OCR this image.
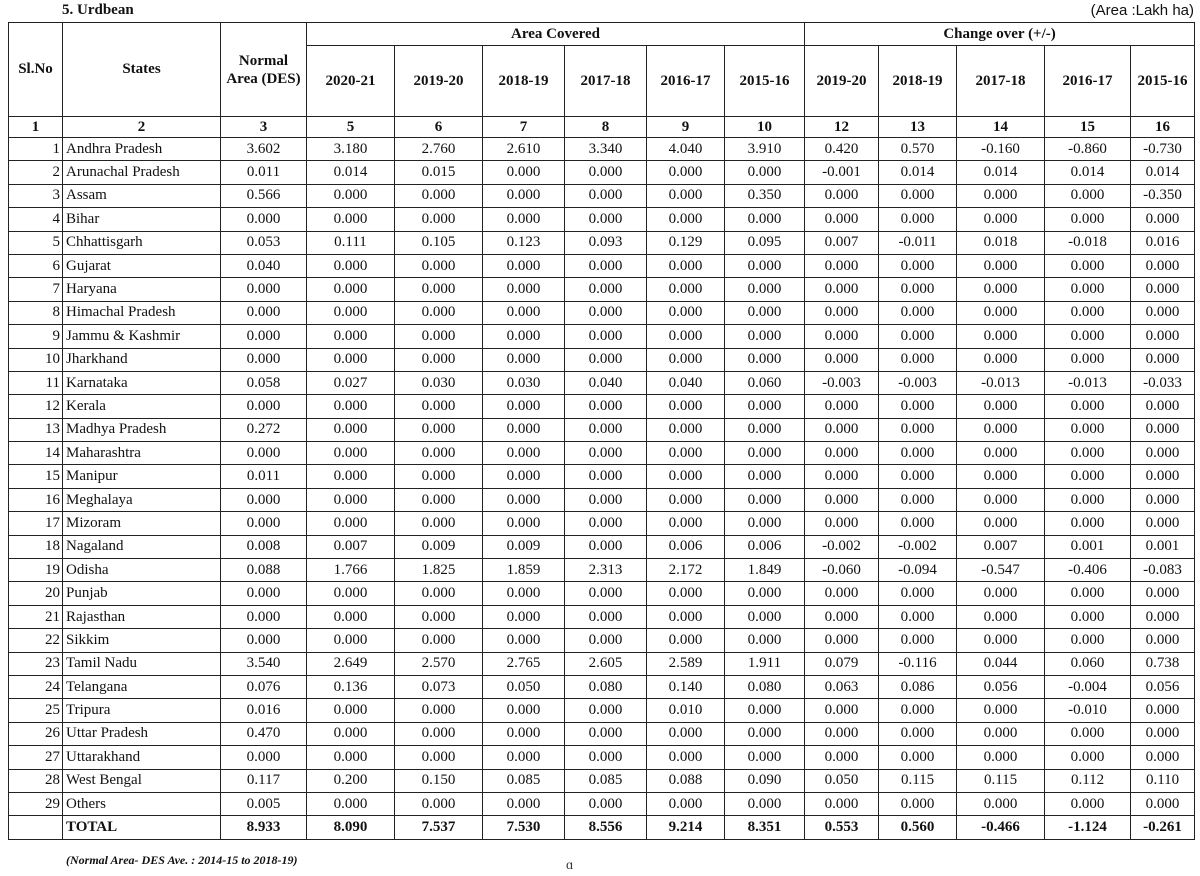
5. Urdbean	(Area :Lakh ha)
Sl.No	States	Normal Area (DES)	Area Covered						Change over (+/-)				
			2020-21	2019-20	2018-19	2017-18	2016-17	2015-16	2019-20	2018-19	2017-18	2016-17	2015-16
1	2	3	5	6	7	8	9	10	12	13	14	15	16
1	Andhra Pradesh	3.602	3.180	2.760	2.610	3.340	4.040	3.910	0.420	0.570	-0.160	-0.860	-0.730
2	Arunachal Pradesh	0.011	0.014	0.015	0.000	0.000	0.000	0.000	-0.001	0.014	0.014	0.014	0.014
3	Assam	0.566	0.000	0.000	0.000	0.000	0.000	0.350	0.000	0.000	0.000	0.000	-0.350
4	Bihar	0.000	0.000	0.000	0.000	0.000	0.000	0.000	0.000	0.000	0.000	0.000	0.000
5	Chhattisgarh	0.053	0.111	0.105	0.123	0.093	0.129	0.095	0.007	-0.011	0.018	-0.018	0.016
6	Gujarat	0.040	0.000	0.000	0.000	0.000	0.000	0.000	0.000	0.000	0.000	0.000	0.000
7	Haryana	0.000	0.000	0.000	0.000	0.000	0.000	0.000	0.000	0.000	0.000	0.000	0.000
8	Himachal Pradesh	0.000	0.000	0.000	0.000	0.000	0.000	0.000	0.000	0.000	0.000	0.000	0.000
9	Jammu & Kashmir	0.000	0.000	0.000	0.000	0.000	0.000	0.000	0.000	0.000	0.000	0.000	0.000
10	Jharkhand	0.000	0.000	0.000	0.000	0.000	0.000	0.000	0.000	0.000	0.000	0.000	0.000
11	Karnataka	0.058	0.027	0.030	0.030	0.040	0.040	0.060	-0.003	-0.003	-0.013	-0.013	-0.033
12	Kerala	0.000	0.000	0.000	0.000	0.000	0.000	0.000	0.000	0.000	0.000	0.000	0.000
13	Madhya Pradesh	0.272	0.000	0.000	0.000	0.000	0.000	0.000	0.000	0.000	0.000	0.000	0.000
14	Maharashtra	0.000	0.000	0.000	0.000	0.000	0.000	0.000	0.000	0.000	0.000	0.000	0.000
15	Manipur	0.011	0.000	0.000	0.000	0.000	0.000	0.000	0.000	0.000	0.000	0.000	0.000
16	Meghalaya	0.000	0.000	0.000	0.000	0.000	0.000	0.000	0.000	0.000	0.000	0.000	0.000
17	Mizoram	0.000	0.000	0.000	0.000	0.000	0.000	0.000	0.000	0.000	0.000	0.000	0.000
18	Nagaland	0.008	0.007	0.009	0.009	0.000	0.006	0.006	-0.002	-0.002	0.007	0.001	0.001
19	Odisha	0.088	1.766	1.825	1.859	2.313	2.172	1.849	-0.060	-0.094	-0.547	-0.406	-0.083
20	Punjab	0.000	0.000	0.000	0.000	0.000	0.000	0.000	0.000	0.000	0.000	0.000	0.000
21	Rajasthan	0.000	0.000	0.000	0.000	0.000	0.000	0.000	0.000	0.000	0.000	0.000	0.000
22	Sikkim	0.000	0.000	0.000	0.000	0.000	0.000	0.000	0.000	0.000	0.000	0.000	0.000
23	Tamil Nadu	3.540	2.649	2.570	2.765	2.605	2.589	1.911	0.079	-0.116	0.044	0.060	0.738
24	Telangana	0.076	0.136	0.073	0.050	0.080	0.140	0.080	0.063	0.086	0.056	-0.004	0.056
25	Tripura	0.016	0.000	0.000	0.000	0.000	0.010	0.000	0.000	0.000	0.000	-0.010	0.000
26	Uttar Pradesh	0.470	0.000	0.000	0.000	0.000	0.000	0.000	0.000	0.000	0.000	0.000	0.000
27	Uttarakhand	0.000	0.000	0.000	0.000	0.000	0.000	0.000	0.000	0.000	0.000	0.000	0.000
28	West Bengal	0.117	0.200	0.150	0.085	0.085	0.088	0.090	0.050	0.115	0.115	0.112	0.110
29	Others	0.005	0.000	0.000	0.000	0.000	0.000	0.000	0.000	0.000	0.000	0.000	0.000
	TOTAL	8.933	8.090	7.537	7.530	8.556	9.214	8.351	0.553	0.560	-0.466	-1.124	-0.261
(Normal Area- DES Ave. : 2014-15 to 2018-19)	ɑ
